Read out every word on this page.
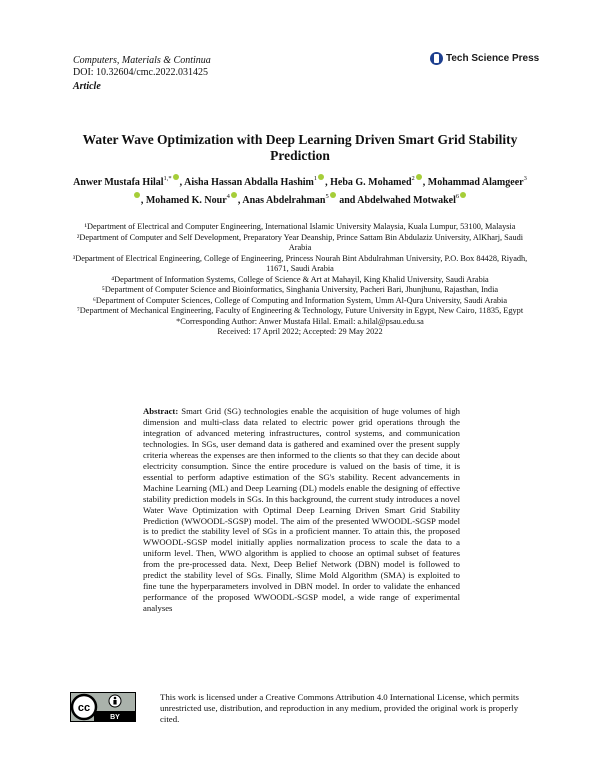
Computers, Materials & Continua
DOI: 10.32604/cmc.2022.031425
Article
Tech Science Press
Water Wave Optimization with Deep Learning Driven Smart Grid Stability Prediction
Anwer Mustafa Hilal$^{1,*}$ , Aisha Hassan Abdalla Hashim$^1$ , Heba G. Mohamed$^2$ , Mohammad Alamgeer$^3$, Mohamed K. Nour$^4$ , Anas Abdelrahman$^5$ and Abdelwahed Motwakel$^6$

¹Department of Electrical and Computer Engineering, International Islamic University Malaysia, Kuala Lumpur, 53100, Malaysia

²Department of Computer and Self Development, Preparatory Year Deanship, Prince Sattam Bin Abdulaziz University, AlKharj, Saudi Arabia

³Department of Electrical Engineering, College of Engineering, Princess Nourah Bint Abdulrahman University, P.O. Box 84428, Riyadh, 11671, Saudi Arabia

⁴Department of Information Systems, College of Science & Art at Mahayil, King Khalid University, Saudi Arabia

⁵Department of Computer Science and Bioinformatics, Singhania University, Pacheri Bari, Jhunjhunu, Rajasthan, India

⁶Department of Computer Sciences, College of Computing and Information System, Umm Al-Qura University, Saudi Arabia

⁷Department of Mechanical Engineering, Faculty of Engineering & Technology, Future University in Egypt, New Cairo, 11835, Egypt

*Corresponding Author: Anwer Mustafa Hilal. Email: a.hilal@psau.edu.sa

Received: 17 April 2022; Accepted: 29 May 2022

Abstract: Smart Grid (SG) technologies enable the acquisition of huge volumes of high dimension and multi-class data related to electric power grid operations through the integration of advanced metering infrastructures, control systems, and communication technologies. In SGs, user demand data is gathered and examined over the present supply criteria whereas the expenses are then informed to the clients so that they can decide about electricity consumption. Since the entire procedure is valued on the basis of time, it is essential to perform adaptive estimation of the SG's stability. Recent advancements in Machine Learning (ML) and Deep Learning (DL) models enable the designing of effective stability prediction models in SGs. In this background, the current study introduces a novel Water Wave Optimization with Optimal Deep Learning Driven Smart Grid Stability Prediction (WWOODL-SGSP) model. The aim of the presented WWOODL-SGSP model is to predict the stability level of SGs in a proficient manner. To attain this, the proposed WWOODL-SGSP model initially applies normalization process to scale the data to a uniform level. Then, WWO algorithm is applied to choose an optimal subset of features from the pre-processed data. Next, Deep Belief Network (DBN) model is followed to predict the stability level of SGs. Finally, Slime Mold Algorithm (SMA) is exploited to fine tune the hyperparameters involved in DBN model. In order to validate the enhanced performance of the proposed WWOODL-SGSP model, a wide range of experimental analyses
cc
BY
This work is licensed under a Creative Commons Attribution 4.0 International License, which permits unrestricted use, distribution, and reproduction in any medium, provided the original work is properly cited.
